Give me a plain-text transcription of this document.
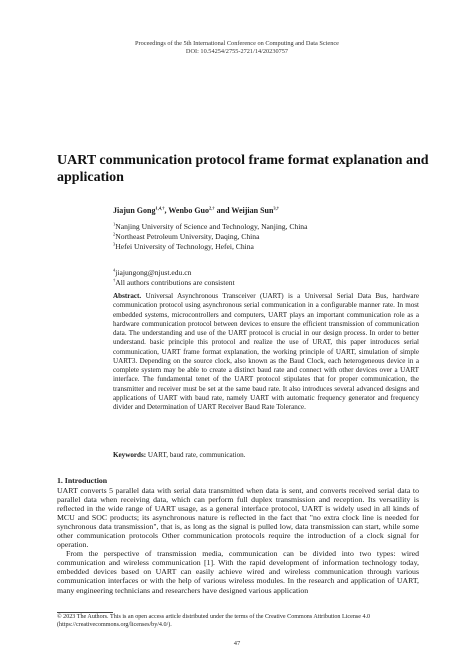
Proceedings of the 5th International Conference on Computing and Data Science
DOI: 10.54254/2755-2721/14/20230757
UART communication protocol frame format explanation and application
Jiajun Gong$^{1,4,\dagger}$, Wenbo Guo$^{2,\dagger}$ and Weijian Sun$^{3,\dagger}$
$^1$Nanjing University of Science and Technology, Nanjing, China
$^2$Northeast Petroleum University, Daqing, China
$^3$Hefei University of Technology, Hefei, China
$^4$jiajungong@njust.edu.cn
†All authors contributions are consistent
Abstract. Universal Asynchronous Transceiver (UART) is a Universal Serial Data Bus, hardware communication protocol using asynchronous serial communication in a configurable manner rate. In most embedded systems, microcontrollers and computers, UART plays an important communication role as a hardware communication protocol between devices to ensure the efficient transmission of communication data. The understanding and use of the UART protocol is crucial in our design process. In order to better understand. basic principle this protocol and realize the use of URAT, this paper introduces serial communication, UART frame format explanation, the working principle of UART, simulation of simple UART3. Depending on the source clock, also known as the Baud Clock, each heterogeneous device in a complete system may be able to create a distinct baud rate and connect with other devices over a UART interface. The fundamental tenet of the UART protocol stipulates that for proper communication, the transmitter and receiver must be set at the same baud rate. It also introduces several advanced designs and applications of UART with baud rate, namely UART with automatic frequency generator and frequency divider and Determination of UART Receiver Baud Rate Tolerance.
Keywords: UART, baud rate, communication.
1. Introduction

UART converts 5 parallel data with serial data transmitted when data is sent, and converts received serial data to parallel data when receiving data, which can perform full duplex transmission and reception. Its versatility is reflected in the wide range of UART usage, as a general interface protocol, UART is widely used in all kinds of MCU and SOC products; its asynchronous nature is reflected in the fact that "no extra clock line is needed for synchronous data transmission", that is, as long as the signal is pulled low, data transmission can start, while some other communication protocols Other communication protocols require the introduction of a clock signal for operation.

From the perspective of transmission media, communication can be divided into two types: wired communication and wireless communication [1]. With the rapid development of information technology today, embedded devices based on UART can easily achieve wired and wireless communication through various communication interfaces or with the help of various wireless modules. In the research and application of UART, many engineering technicians and researchers have designed various application

© 2023 The Authors. This is an open access article distributed under the terms of the Creative Commons Attribution License 4.0 (https://creativecommons.org/licenses/by/4.0/).
47
